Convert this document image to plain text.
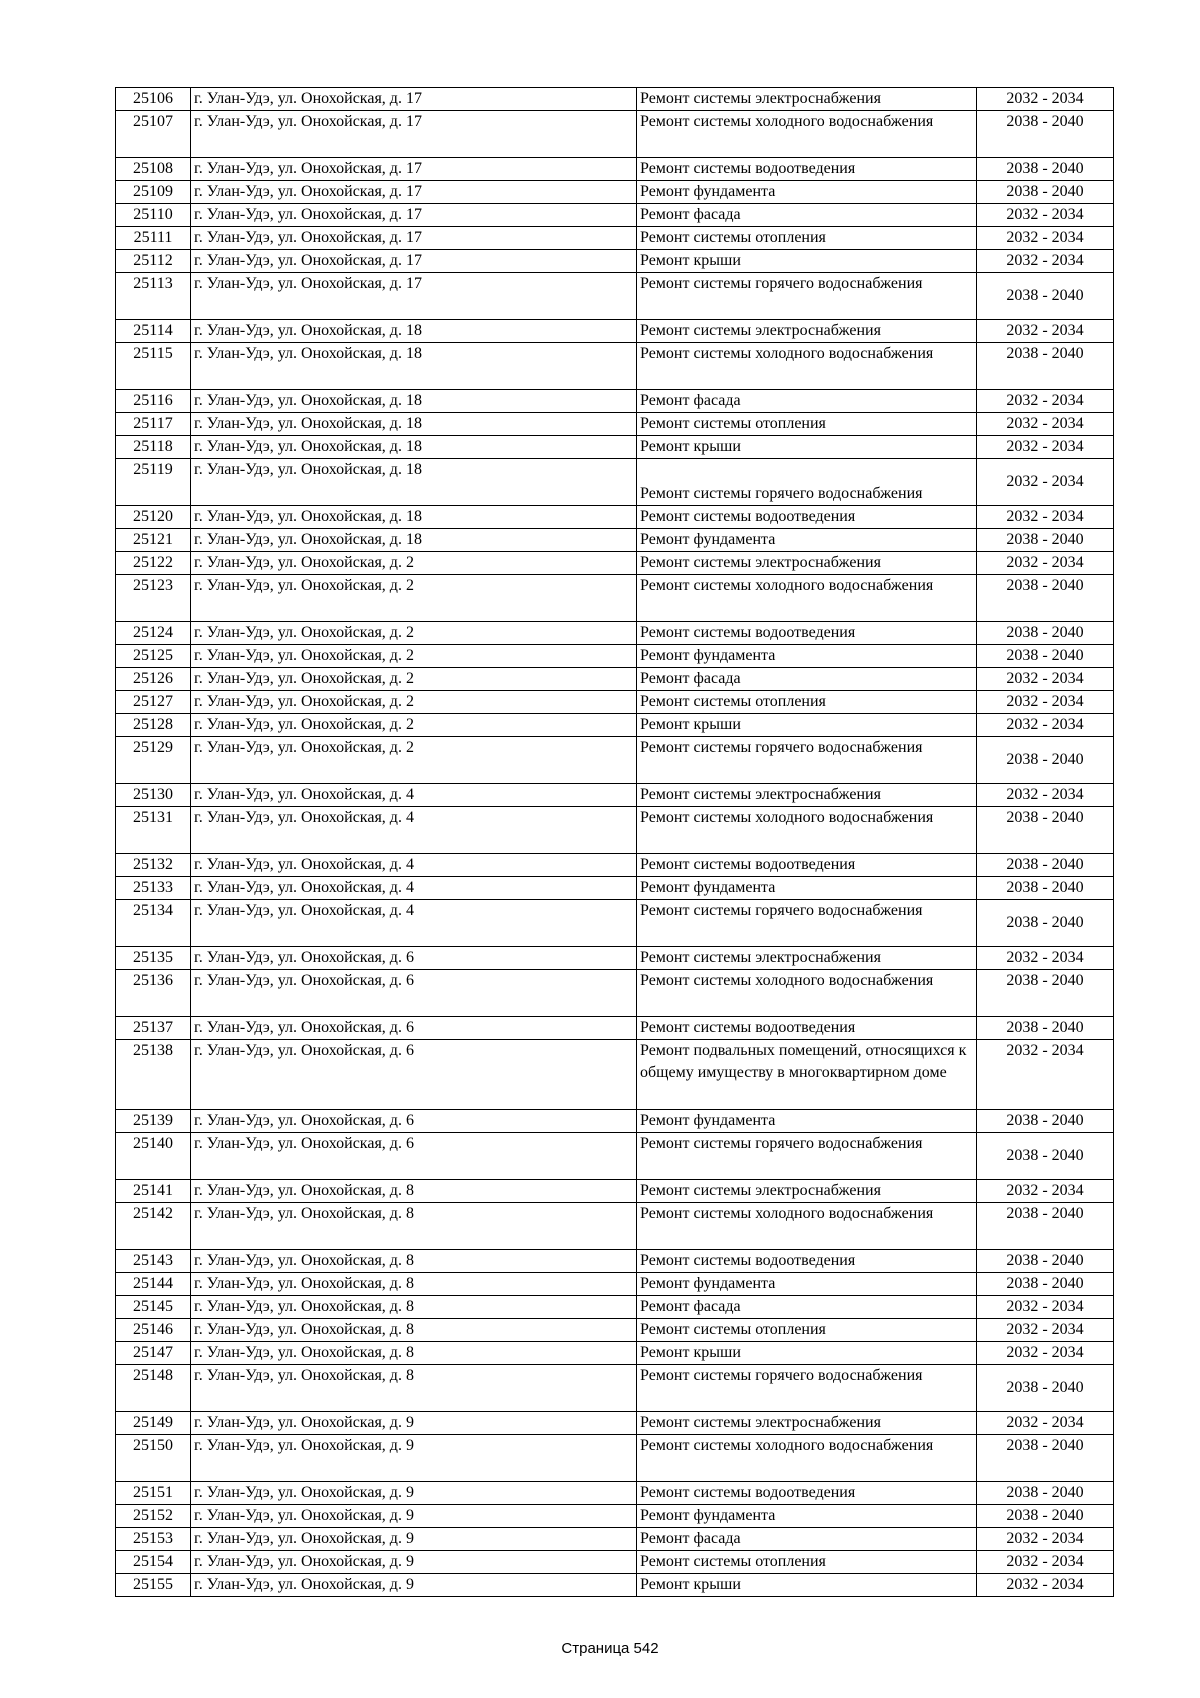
25106	г. Улан-Удэ, ул. Онохойская, д. 17	Ремонт системы электроснабжения	2032 - 2034
25107	г. Улан-Удэ, ул. Онохойская, д. 17	Ремонт системы холодного водоснабжения	2038 - 2040
25108	г. Улан-Удэ, ул. Онохойская, д. 17	Ремонт системы водоотведения	2038 - 2040
25109	г. Улан-Удэ, ул. Онохойская, д. 17	Ремонт фундамента	2038 - 2040
25110	г. Улан-Удэ, ул. Онохойская, д. 17	Ремонт фасада	2032 - 2034
25111	г. Улан-Удэ, ул. Онохойская, д. 17	Ремонт системы отопления	2032 - 2034
25112	г. Улан-Удэ, ул. Онохойская, д. 17	Ремонт крыши	2032 - 2034
25113	г. Улан-Удэ, ул. Онохойская, д. 17	Ремонт системы горячего водоснабжения	2038 - 2040
25114	г. Улан-Удэ, ул. Онохойская, д. 18	Ремонт системы электроснабжения	2032 - 2034
25115	г. Улан-Удэ, ул. Онохойская, д. 18	Ремонт системы холодного водоснабжения	2038 - 2040
25116	г. Улан-Удэ, ул. Онохойская, д. 18	Ремонт фасада	2032 - 2034
25117	г. Улан-Удэ, ул. Онохойская, д. 18	Ремонт системы отопления	2032 - 2034
25118	г. Улан-Удэ, ул. Онохойская, д. 18	Ремонт крыши	2032 - 2034
25119	г. Улан-Удэ, ул. Онохойская, д. 18	Ремонт системы горячего водоснабжения	2032 - 2034
25120	г. Улан-Удэ, ул. Онохойская, д. 18	Ремонт системы водоотведения	2032 - 2034
25121	г. Улан-Удэ, ул. Онохойская, д. 18	Ремонт фундамента	2038 - 2040
25122	г. Улан-Удэ, ул. Онохойская, д. 2	Ремонт системы электроснабжения	2032 - 2034
25123	г. Улан-Удэ, ул. Онохойская, д. 2	Ремонт системы холодного водоснабжения	2038 - 2040
25124	г. Улан-Удэ, ул. Онохойская, д. 2	Ремонт системы водоотведения	2038 - 2040
25125	г. Улан-Удэ, ул. Онохойская, д. 2	Ремонт фундамента	2038 - 2040
25126	г. Улан-Удэ, ул. Онохойская, д. 2	Ремонт фасада	2032 - 2034
25127	г. Улан-Удэ, ул. Онохойская, д. 2	Ремонт системы отопления	2032 - 2034
25128	г. Улан-Удэ, ул. Онохойская, д. 2	Ремонт крыши	2032 - 2034
25129	г. Улан-Удэ, ул. Онохойская, д. 2	Ремонт системы горячего водоснабжения	2038 - 2040
25130	г. Улан-Удэ, ул. Онохойская, д. 4	Ремонт системы электроснабжения	2032 - 2034
25131	г. Улан-Удэ, ул. Онохойская, д. 4	Ремонт системы холодного водоснабжения	2038 - 2040
25132	г. Улан-Удэ, ул. Онохойская, д. 4	Ремонт системы водоотведения	2038 - 2040
25133	г. Улан-Удэ, ул. Онохойская, д. 4	Ремонт фундамента	2038 - 2040
25134	г. Улан-Удэ, ул. Онохойская, д. 4	Ремонт системы горячего водоснабжения	2038 - 2040
25135	г. Улан-Удэ, ул. Онохойская, д. 6	Ремонт системы электроснабжения	2032 - 2034
25136	г. Улан-Удэ, ул. Онохойская, д. 6	Ремонт системы холодного водоснабжения	2038 - 2040
25137	г. Улан-Удэ, ул. Онохойская, д. 6	Ремонт системы водоотведения	2038 - 2040
25138	г. Улан-Удэ, ул. Онохойская, д. 6	Ремонт подвальных помещений, относящихся к общему имуществу в многоквартирном доме	2032 - 2034
25139	г. Улан-Удэ, ул. Онохойская, д. 6	Ремонт фундамента	2038 - 2040
25140	г. Улан-Удэ, ул. Онохойская, д. 6	Ремонт системы горячего водоснабжения	2038 - 2040
25141	г. Улан-Удэ, ул. Онохойская, д. 8	Ремонт системы электроснабжения	2032 - 2034
25142	г. Улан-Удэ, ул. Онохойская, д. 8	Ремонт системы холодного водоснабжения	2038 - 2040
25143	г. Улан-Удэ, ул. Онохойская, д. 8	Ремонт системы водоотведения	2038 - 2040
25144	г. Улан-Удэ, ул. Онохойская, д. 8	Ремонт фундамента	2038 - 2040
25145	г. Улан-Удэ, ул. Онохойская, д. 8	Ремонт фасада	2032 - 2034
25146	г. Улан-Удэ, ул. Онохойская, д. 8	Ремонт системы отопления	2032 - 2034
25147	г. Улан-Удэ, ул. Онохойская, д. 8	Ремонт крыши	2032 - 2034
25148	г. Улан-Удэ, ул. Онохойская, д. 8	Ремонт системы горячего водоснабжения	2038 - 2040
25149	г. Улан-Удэ, ул. Онохойская, д. 9	Ремонт системы электроснабжения	2032 - 2034
25150	г. Улан-Удэ, ул. Онохойская, д. 9	Ремонт системы холодного водоснабжения	2038 - 2040
25151	г. Улан-Удэ, ул. Онохойская, д. 9	Ремонт системы водоотведения	2038 - 2040
25152	г. Улан-Удэ, ул. Онохойская, д. 9	Ремонт фундамента	2038 - 2040
25153	г. Улан-Удэ, ул. Онохойская, д. 9	Ремонт фасада	2032 - 2034
25154	г. Улан-Удэ, ул. Онохойская, д. 9	Ремонт системы отопления	2032 - 2034
25155	г. Улан-Удэ, ул. Онохойская, д. 9	Ремонт крыши	2032 - 2034
Страница 542
